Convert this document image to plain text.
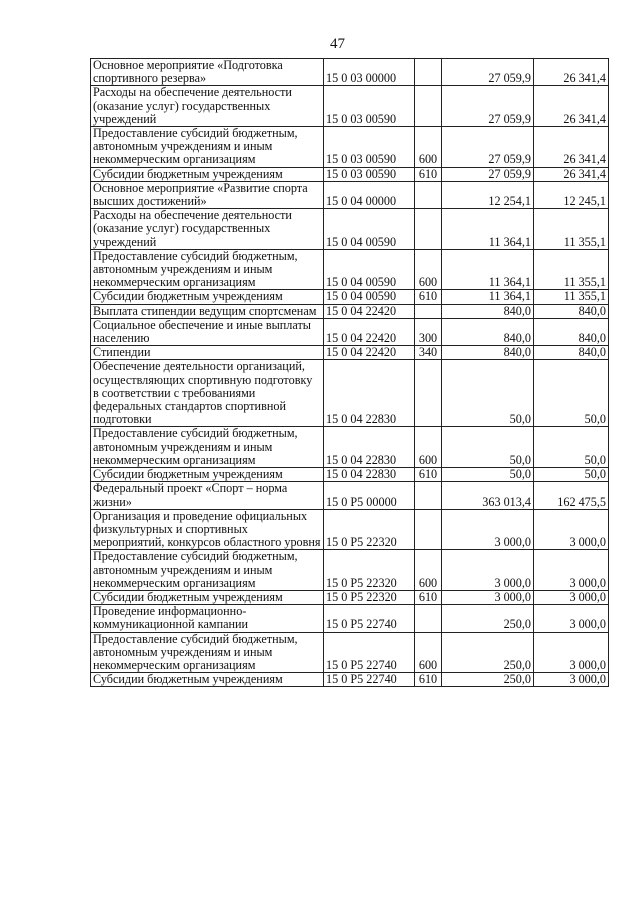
47
Основное мероприятие «Подготовка спортивного резерва»	15 0 03 00000		27 059,9	26 341,4
Расходы на обеспечение деятельности (оказание услуг) государственных учреждений	15 0 03 00590		27 059,9	26 341,4
Предоставление субсидий бюджетным, автономным учреждениям и иным некоммерческим организациям	15 0 03 00590	600	27 059,9	26 341,4
Субсидии бюджетным учреждениям	15 0 03 00590	610	27 059,9	26 341,4
Основное мероприятие «Развитие спорта высших достижений»	15 0 04 00000		12 254,1	12 245,1
Расходы на обеспечение деятельности (оказание услуг) государственных учреждений	15 0 04 00590		11 364,1	11 355,1
Предоставление субсидий бюджетным, автономным учреждениям и иным некоммерческим организациям	15 0 04 00590	600	11 364,1	11 355,1
Субсидии бюджетным учреждениям	15 0 04 00590	610	11 364,1	11 355,1
Выплата стипендии ведущим спортсменам	15 0 04 22420		840,0	840,0
Социальное обеспечение и иные выплаты населению	15 0 04 22420	300	840,0	840,0
Стипендии	15 0 04 22420	340	840,0	840,0
Обеспечение деятельности организаций, осуществляющих спортивную подготовку в соответствии с требованиями федеральных стандартов спортивной подготовки	15 0 04 22830		50,0	50,0
Предоставление субсидий бюджетным, автономным учреждениям и иным некоммерческим организациям	15 0 04 22830	600	50,0	50,0
Субсидии бюджетным учреждениям	15 0 04 22830	610	50,0	50,0
Федеральный проект «Спорт – норма жизни»	15 0 P5 00000		363 013,4	162 475,5
Организация и проведение официальных физкультурных и спортивных мероприятий, конкурсов областного уровня	15 0 P5 22320		3 000,0	3 000,0
Предоставление субсидий бюджетным, автономным учреждениям и иным некоммерческим организациям	15 0 P5 22320	600	3 000,0	3 000,0
Субсидии бюджетным учреждениям	15 0 P5 22320	610	3 000,0	3 000,0
Проведение информационно-коммуникационной кампании	15 0 P5 22740		250,0	3 000,0
Предоставление субсидий бюджетным, автономным учреждениям и иным некоммерческим организациям	15 0 P5 22740	600	250,0	3 000,0
Субсидии бюджетным учреждениям	15 0 P5 22740	610	250,0	3 000,0
